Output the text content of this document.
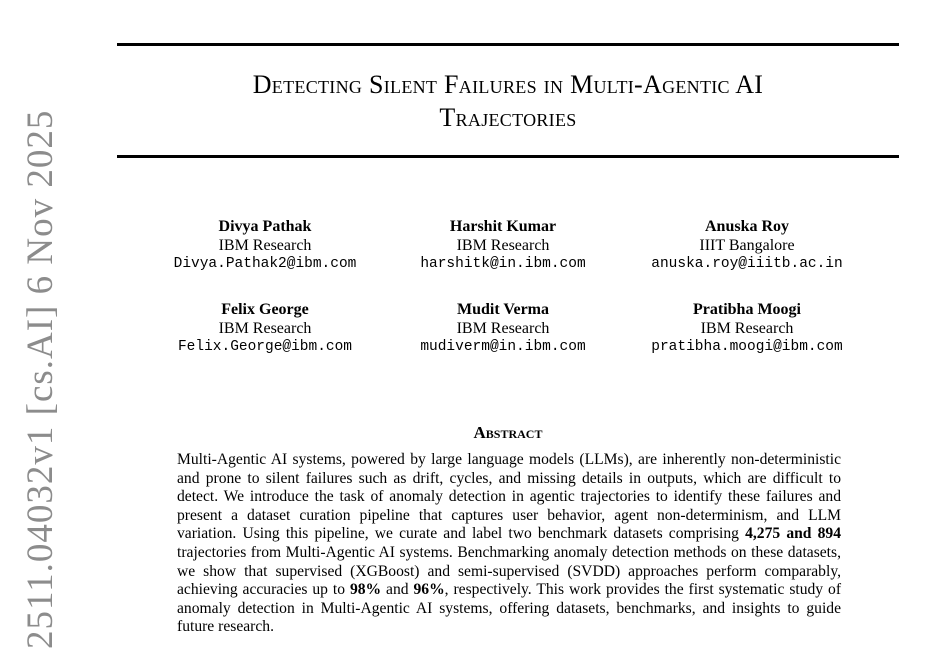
2511.04032v1 [cs.AI] 6 Nov 2025
Detecting Silent Failures in Multi-Agentic AI
Trajectories
Divya Pathak
IBM Research
Divya.Pathak2@ibm.com
Harshit Kumar
IBM Research
harshitk@in.ibm.com
Anuska Roy
IIIT Bangalore
anuska.roy@iiitb.ac.in
Felix George
IBM Research
Felix.George@ibm.com
Mudit Verma
IBM Research
mudiverm@in.ibm.com
Pratibha Moogi
IBM Research
pratibha.moogi@ibm.com
Abstract
Multi-Agentic AI systems, powered by large language models (LLMs), are inherently non-deterministic and prone to silent failures such as drift, cycles, and missing details in outputs, which are difficult to detect. We introduce the task of anomaly detection in agentic trajectories to identify these failures and present a dataset curation pipeline that captures user behavior, agent non-determinism, and LLM variation. Using this pipeline, we curate and label two benchmark datasets comprising 4,275 and 894 trajectories from Multi-Agentic AI systems. Benchmarking anomaly detection methods on these datasets, we show that supervised (XGBoost) and semi-supervised (SVDD) approaches perform comparably, achieving accuracies up to 98% and 96%, respectively. This work provides the first systematic study of anomaly detection in Multi-Agentic AI systems, offering datasets, benchmarks, and insights to guide future research.
